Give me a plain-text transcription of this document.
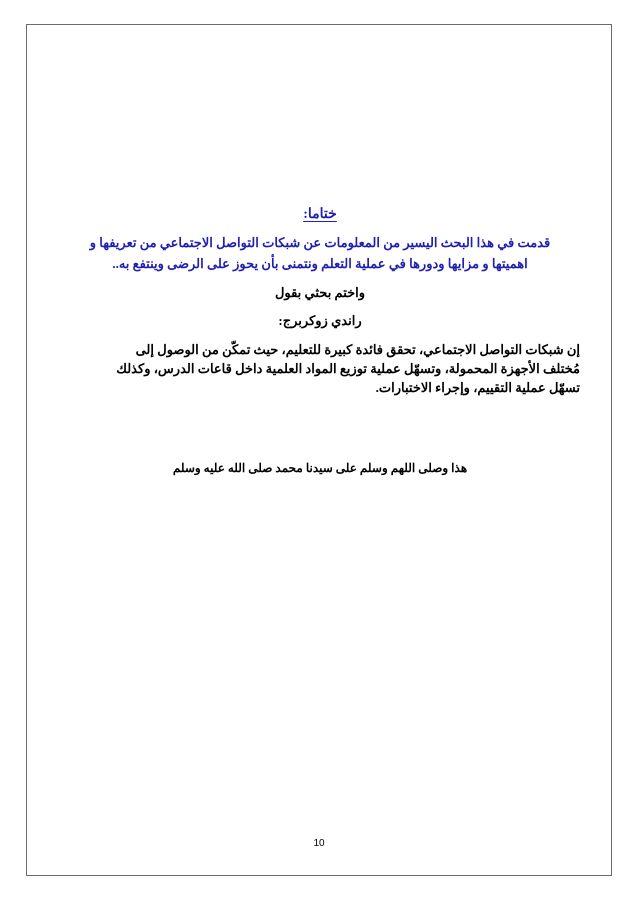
ختاما:
قدمت في هذا البحث اليسير من المعلومات عن شبكات التواصل الاجتماعي من تعريفها و
اهميتها و مزايها ودورها في عملية التعلم ونتمنى بأن يحوز على الرضى وينتفع به..
واختم بحثي بقول
راندي زوكربرج:
إن شبكات التواصل الاجتماعي، تحقق فائدة كبيرة للتعليم، حيث تمكّن من الوصول إلى
مُختلف الأجهزة المحمولة، وتسهّل عملية توزيع المواد العلمية داخل قاعات الدرس، وكذلك
تسهّل عملية التقييم، وإجراء الاختبارات.
هذا وصلى اللهم وسلم على سيدنا محمد صلى الله عليه وسلم
10
